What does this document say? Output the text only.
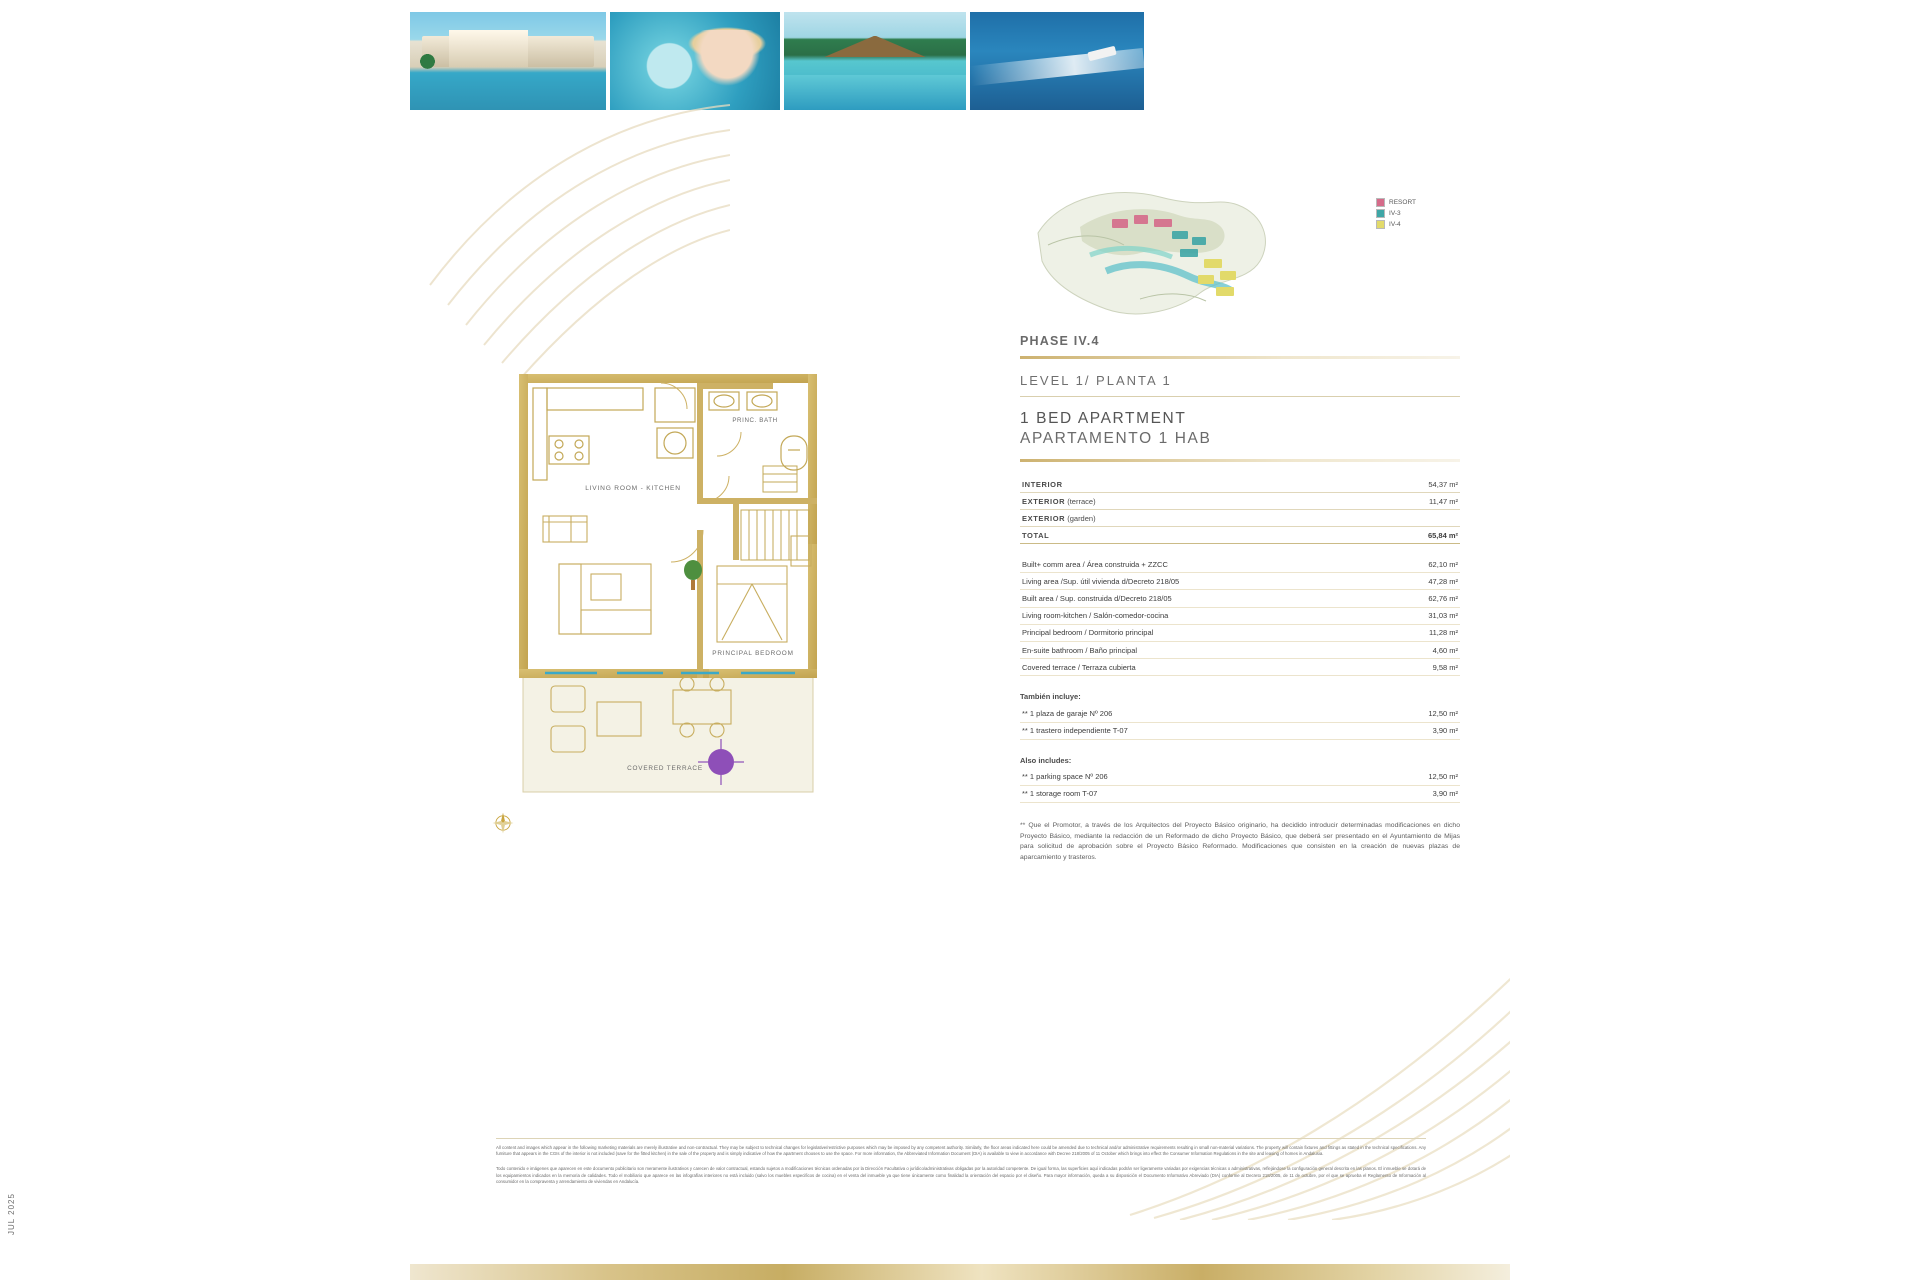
JUL 2025
PRINC. BATH
LIVING ROOM - KITCHEN
PRINCIPAL BEDROOM
COVERED TERRACE
RESORT
IV-3
IV-4
PHASE IV.4
LEVEL 1/ PLANTA 1
1 BED APARTMENT
APARTAMENTO 1 HAB
INTERIOR	54,37 m²
EXTERIOR (terrace)	11,47 m²
EXTERIOR (garden)	
TOTAL	65,84 m²
Built+ comm area / Área construida + ZZCC	62,10 m²
Living area /Sup. útil vivienda d/Decreto 218/05	47,28 m²
Built area / Sup. construida d/Decreto 218/05	62,76 m²
Living room-kitchen / Salón-comedor-cocina	31,03 m²
Principal bedroom / Dormitorio principal	11,28 m²
En-suite bathroom / Baño principal	4,60 m²
Covered terrace / Terraza cubierta	9,58 m²
También incluye:
** 1 plaza de garaje Nº 206	12,50 m²
** 1 trastero independiente T-07	3,90 m²
Also includes:
** 1 parking space Nº 206	12,50 m²
** 1 storage room T-07	3,90 m²
** Que el Promotor, a través de los Arquitectos del Proyecto Básico originario, ha decidido introducir determinadas modificaciones en dicho Proyecto Básico, mediante la redacción de un Reformado de dicho Proyecto Básico, que deberá ser presentado en el Ayuntamiento de Mijas para solicitud de aprobación sobre el Proyecto Básico Reformado. Modificaciones que consisten en la creación de nuevas plazas de aparcamiento y trasteros.
All content and images which appear in the following marketing materials are merely illustrative and non-contractual. They may be subject to technical changes for legislative/restrictive purposes which may be imposed by any competent authority. Similarly, the floor areas indicated here could be amended due to technical and/or administrative requirements resulting in small non-material variations. The property will contain fixtures and fittings as stated in the technical specifications. Any furniture that appears in the CGIs of the interior is not included (save for the fitted kitchen) in the sale of the property and is simply indicative of how the apartment chooses to use the space. For more information, the Abbreviated Information Document (DIA) is available to view in accordance with Decree 218/2005 of 11 October which brings into effect the Consumer Information Regulations in the site and leasing of homes in Andalusia.
Todo contenido e imágenes que aparecen en este documento publicitario son meramente ilustrativos y carecen de valor contractual, estando sujetos a modificaciones técnicas ordenadas por la Dirección Facultativa o jurídico/administrativas obligadas por la autoridad competente. De igual forma, las superficies aquí indicadas podrán ser ligeramente variadas por exigencias técnicas o administrativas, reflejándose la configuración general descrita en las planos. El inmueble se dotará de los equipamientos indicados en la memoria de calidades. Todo el mobiliario que aparece en las infografías interiores no está incluido (salvo los muebles especificos de cocina) en el venta del inmueble ya que tiene únicamente como finalidad la orientación del espacio por el diseño. Para mayor información, queda a su disposición el Documento Informativo Abreviado (DIA) conforme al Decreto 218/2005, de 11 de octubre, por el que se aprueba el Reglamento de Información al consumidor en la compraventa y arrendamiento de viviendas en Andalucía.
